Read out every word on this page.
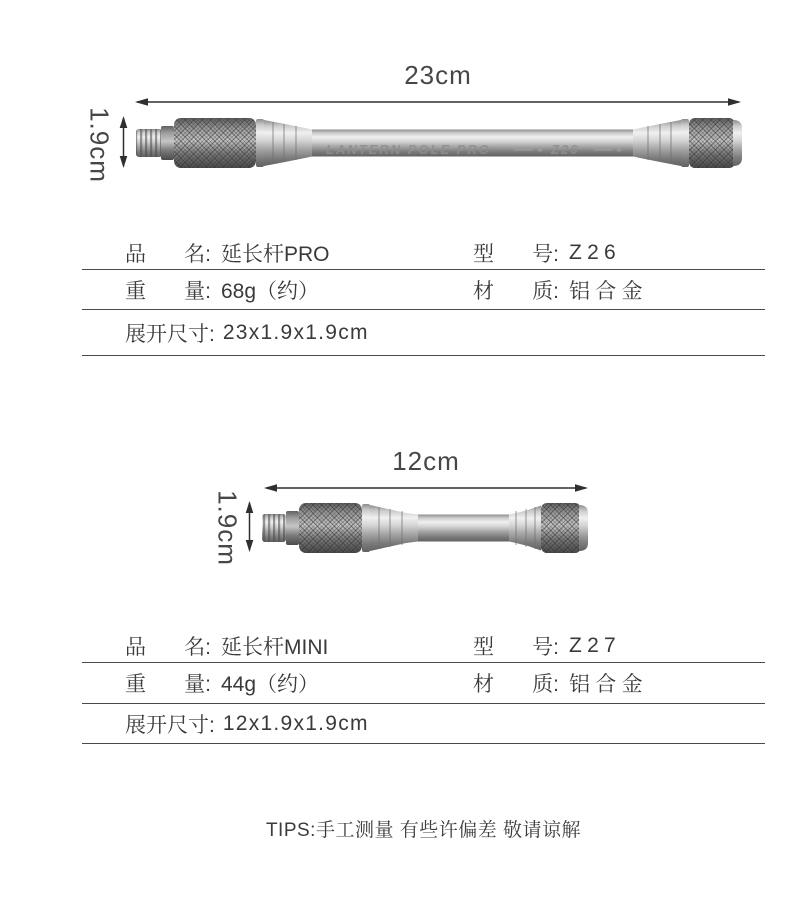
23cm
1.9cm	LANTERN POLE PRO	Z26
品 名: 延长杆PRO	型 号: Z26
重 量: 68g（约）	材 质: 铝合金
展开尺寸: 23x1.9x1.9cm
12cm
1.9cm
品 名: 延长杆MINI	型 号: Z27
重 量: 44g（约）	材 质: 铝合金
展开尺寸: 12x1.9x1.9cm
TIPS:手工测量 有些许偏差 敬请谅解
